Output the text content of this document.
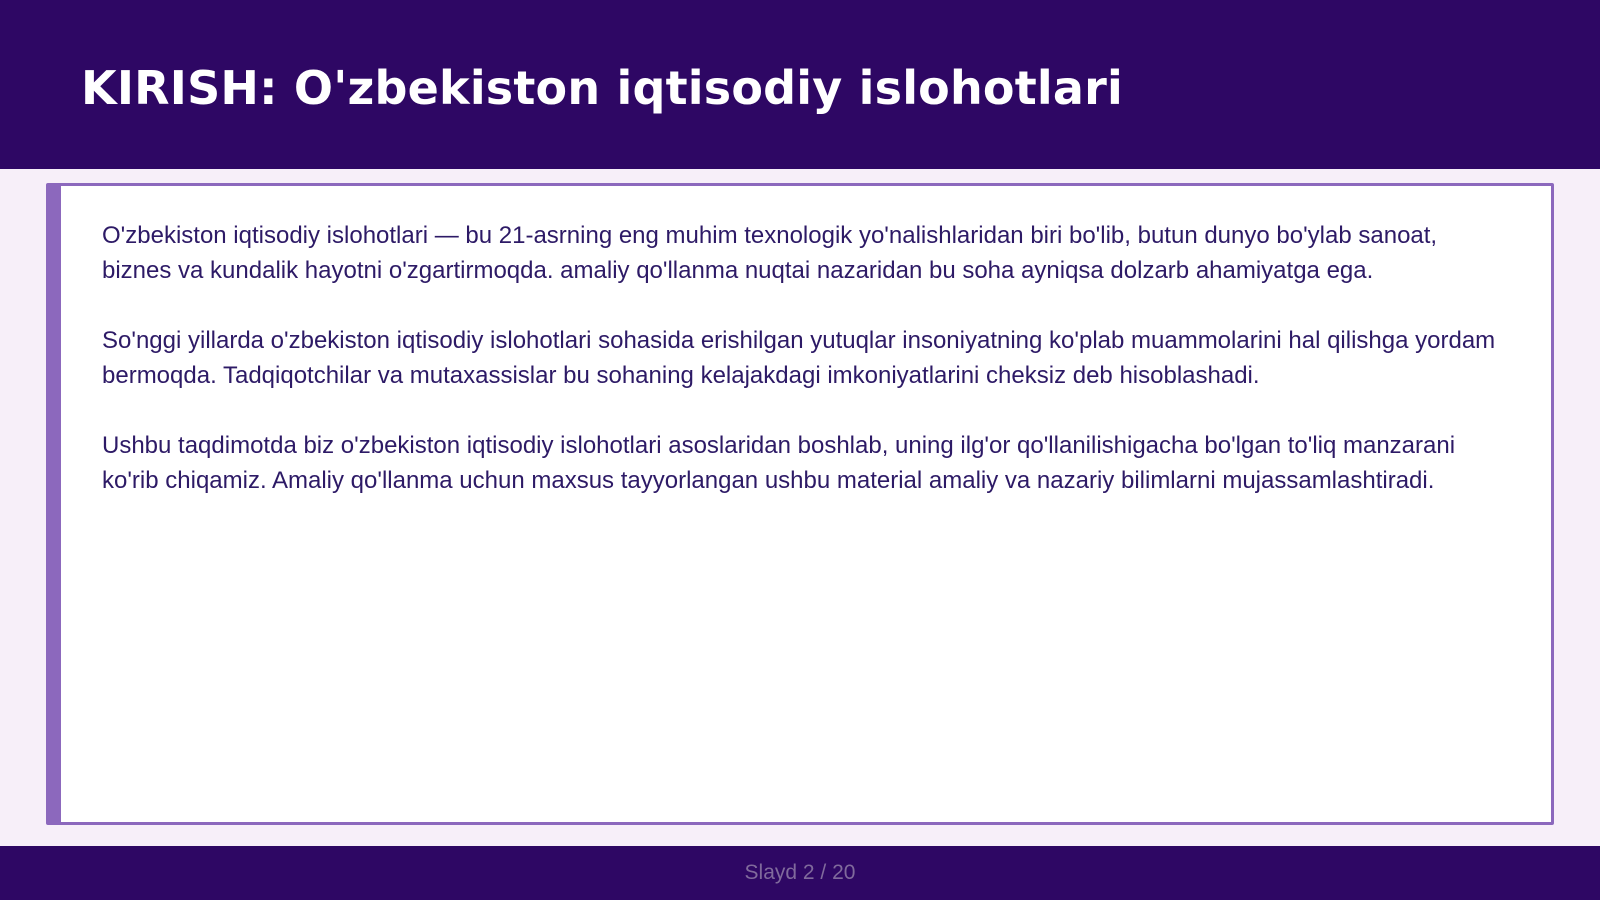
KIRISH: O'zbekiston iqtisodiy islohotlari

O'zbekiston iqtisodiy islohotlari — bu 21-asrning eng muhim texnologik yo'nalishlaridan biri bo'lib, butun dunyo bo'ylab sanoat, biznes va kundalik hayotni o'zgartirmoqda. amaliy qo'llanma nuqtai nazaridan bu soha ayniqsa dolzarb ahamiyatga ega.

So'nggi yillarda o'zbekiston iqtisodiy islohotlari sohasida erishilgan yutuqlar insoniyatning ko'plab muammolarini hal qilishga yordam bermoqda. Tadqiqotchilar va mutaxassislar bu sohaning kelajakdagi imkoniyatlarini cheksiz deb hisoblashadi.

Ushbu taqdimotda biz o'zbekiston iqtisodiy islohotlari asoslaridan boshlab, uning ilg'or qo'llanilishigacha bo'lgan to'liq manzarani ko'rib chiqamiz. Amaliy qo'llanma uchun maxsus tayyorlangan ushbu material amaliy va nazariy bilimlarni mujassamlashtiradi.

Slayd 2 / 20
